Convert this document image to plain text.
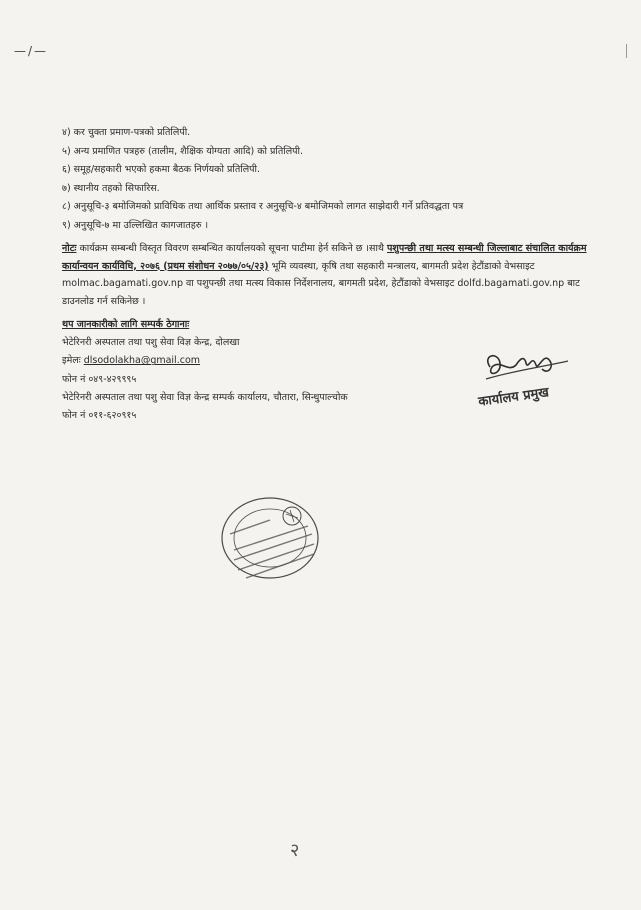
—/—
४) कर चुक्ता प्रमाण-पत्रको प्रतिलिपी.
५) अन्य प्रमाणित पत्रहरु (तालीम, शैक्षिक योग्यता आदि) को प्रतिलिपी.
६) समूह/सहकारी भएको हकमा बैठक निर्णयको प्रतिलिपी.
७) स्थानीय तहको सिफारिस.
८) अनुसूचि-३ बमोजिमको प्राविधिक तथा आर्थिक प्रस्ताव र अनुसूचि-४ बमोजिमको लागत साझेदारी गर्ने प्रतिवद्धता पत्र
९) अनुसूचि-७ मा उल्लिखित कागजातहरु ।
नोटः कार्यक्रम सम्बन्धी विस्तृत विवरण सम्बन्धित कार्यालयको सूचना पाटीमा हेर्न सकिने छ ।साथै पशुपन्छी तथा मत्स्य सम्बन्धी जिल्लाबाट संचालित कार्यक्रम कार्यान्वयन कार्यविधि, २०७६ (प्रथम संशोधन २०७७/०५/२३) भूमि व्यवस्था, कृषि तथा सहकारी मन्त्रालय, बागमती प्रदेश हेटौंडाको वेभसाइट molmac.bagamati.gov.np वा पशुपन्छी तथा मत्स्य विकास निर्देशनालय, बागमती प्रदेश, हेटौंडाको वेभसाइट dolfd.bagamati.gov.np बाट डाउनलोड गर्न सकिनेछ ।
थप जानकारीको लागि सम्पर्क ठेगानाः
भेटेरिनरी अस्पताल तथा पशु सेवा विज्ञ केन्द्र, दोलखा
इमेलः dlsodolakha@gmail.com
फोन नं ०४९-४२९९९५
भेटेरिनरी अस्पताल तथा पशु सेवा विज्ञ केन्द्र सम्पर्क कार्यालय, चौतारा, सिन्धुपाल्चोक
फोन नं ०११-६२०९१५
कार्यालय प्रमुख
२
